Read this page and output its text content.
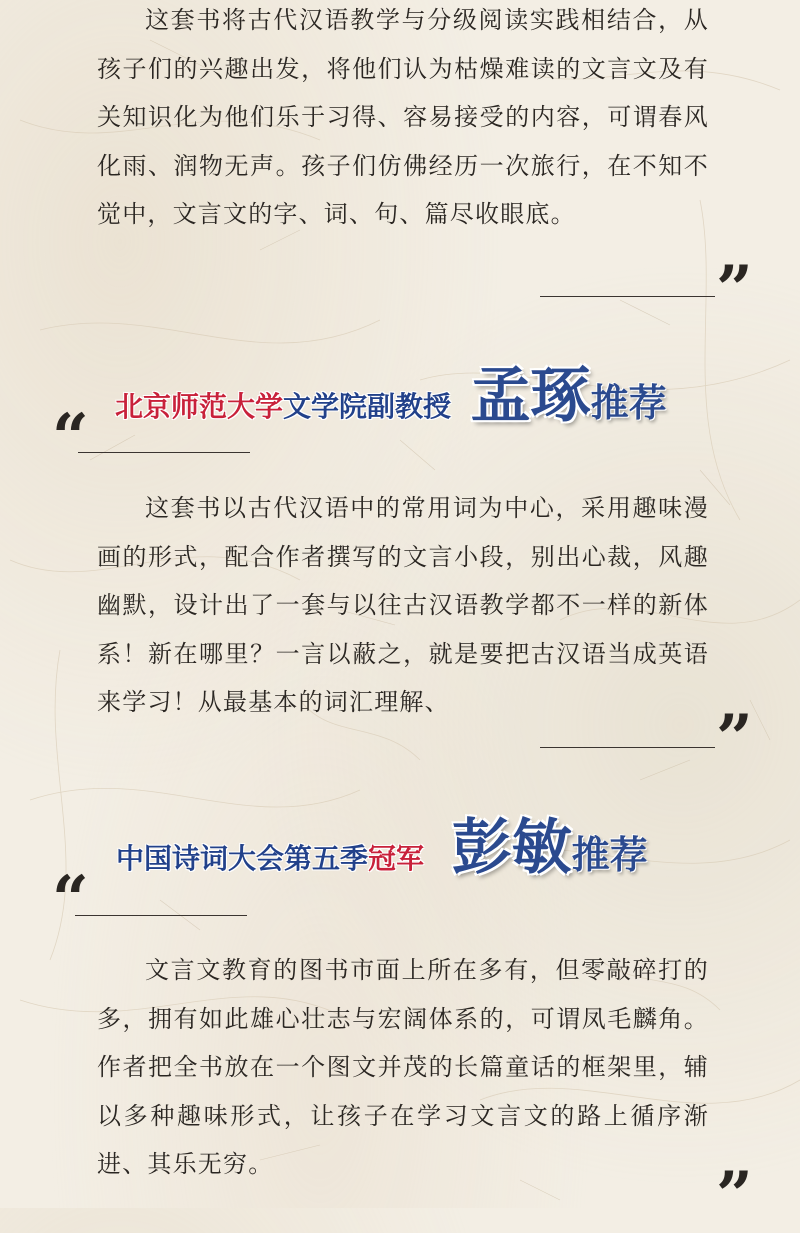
这套书将古代汉语教学与分级阅读实践相结合，从孩子们的兴趣出发，将他们认为枯燥难读的文言文及有关知识化为他们乐于习得、容易接受的内容，可谓春风化雨、润物无声。孩子们仿佛经历一次旅行，在不知不觉中，文言文的字、词、句、篇尽收眼底。

”
“ 北京师范大学文学院副教授 孟琢推荐

这套书以古代汉语中的常用词为中心，采用趣味漫画的形式，配合作者撰写的文言小段，别出心裁，风趣幽默，设计出了一套与以往古汉语教学都不一样的新体系！新在哪里？一言以蔽之，就是要把古汉语当成英语来学习！从最基本的词汇理解、	”
“
中国诗词大会第五季冠军 彭敏推荐

文言文教育的图书市面上所在多有，但零敲碎打的多，拥有如此雄心壮志与宏阔体系的，可谓凤毛麟角。作者把全书放在一个图文并茂的长篇童话的框架里，辅以多种趣味形式，让孩子在学习文言文的路上循序渐进、其乐无穷。	”
